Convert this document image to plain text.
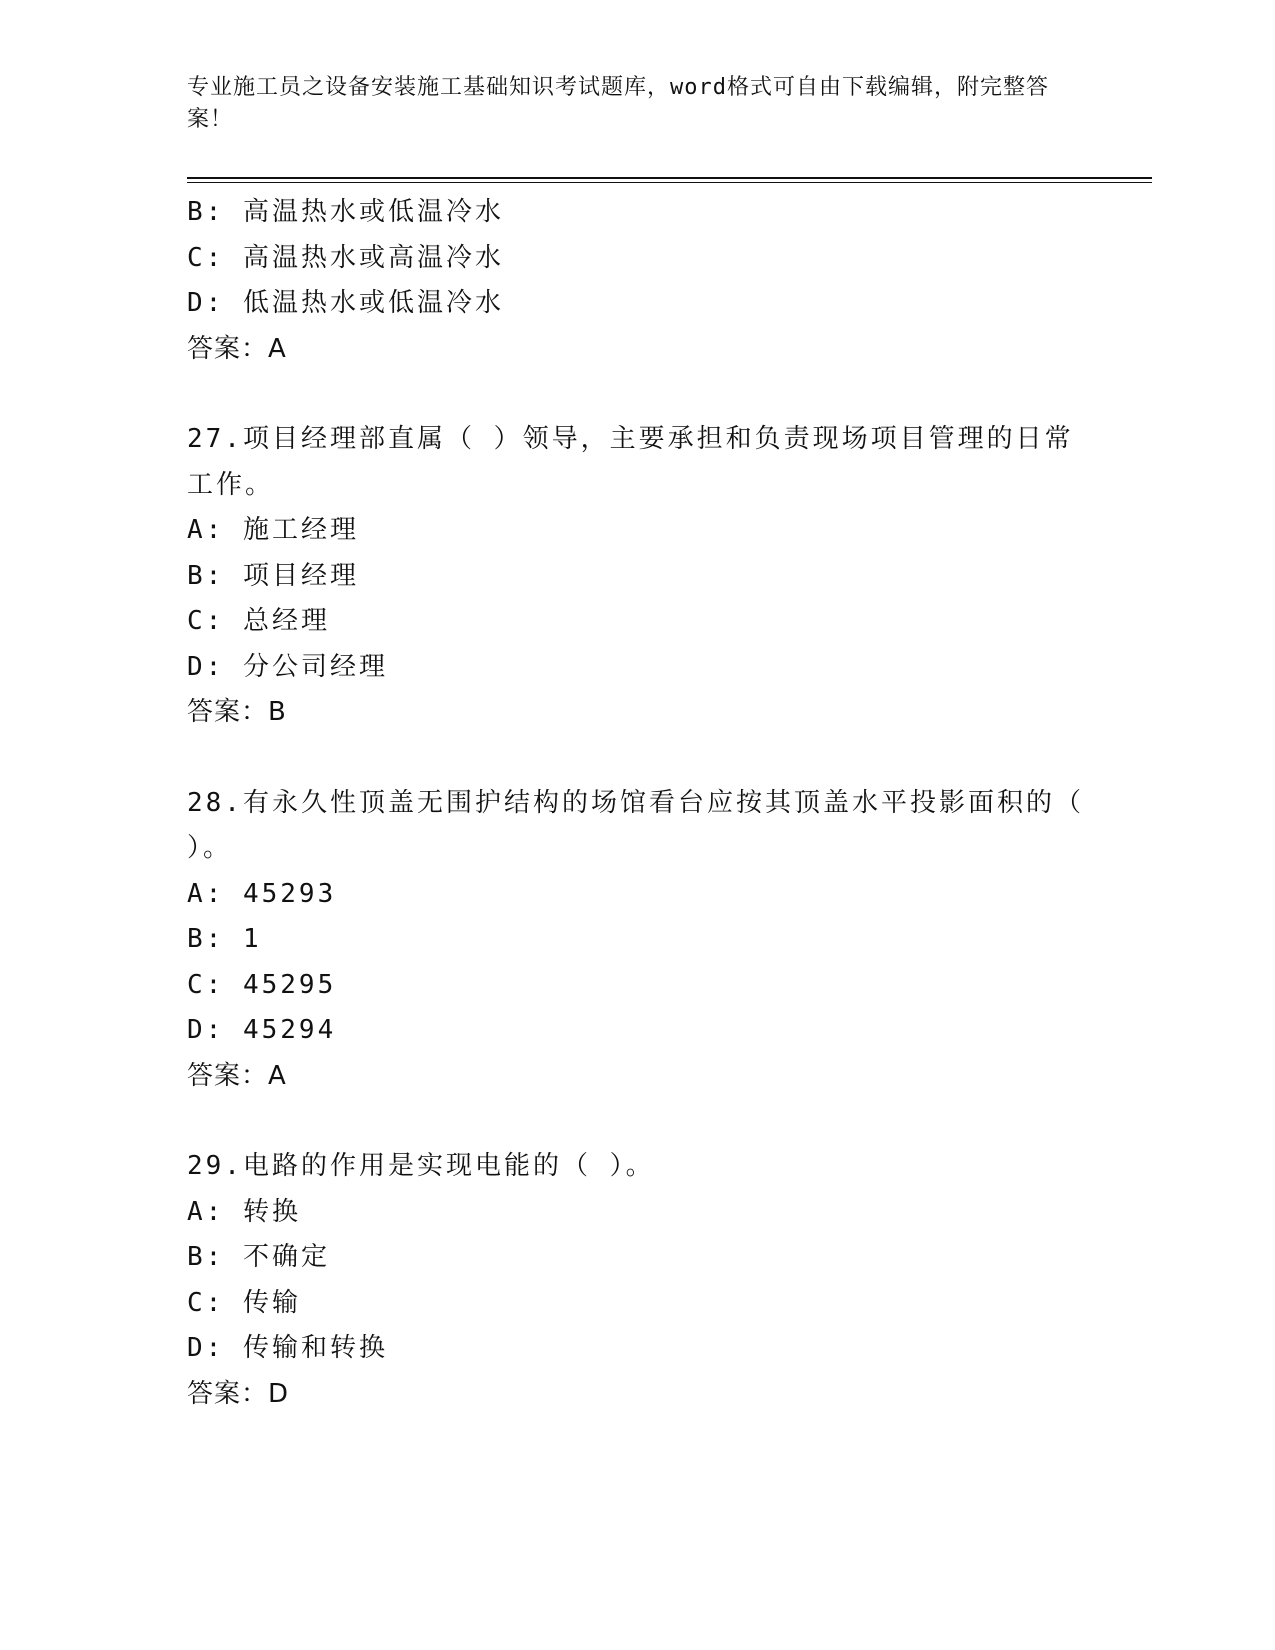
专业施工员之设备安装施工基础知识考试题库，word格式可自由下载编辑，附完整答案！
B: 高温热水或低温冷水
C: 高温热水或高温冷水
D: 低温热水或低温冷水
答案：A
27.项目经理部直属（ ）领导，主要承担和负责现场项目管理的日常
工作。
A: 施工经理
B: 项目经理
C: 总经理
D: 分公司经理
答案：B
28.有永久性顶盖无围护结构的场馆看台应按其顶盖水平投影面积的（
）。
A: 45293
B: 1
C: 45295
D: 45294
答案：A
29.电路的作用是实现电能的（ ）。
A: 转换
B: 不确定
C: 传输
D: 传输和转换
答案：D
